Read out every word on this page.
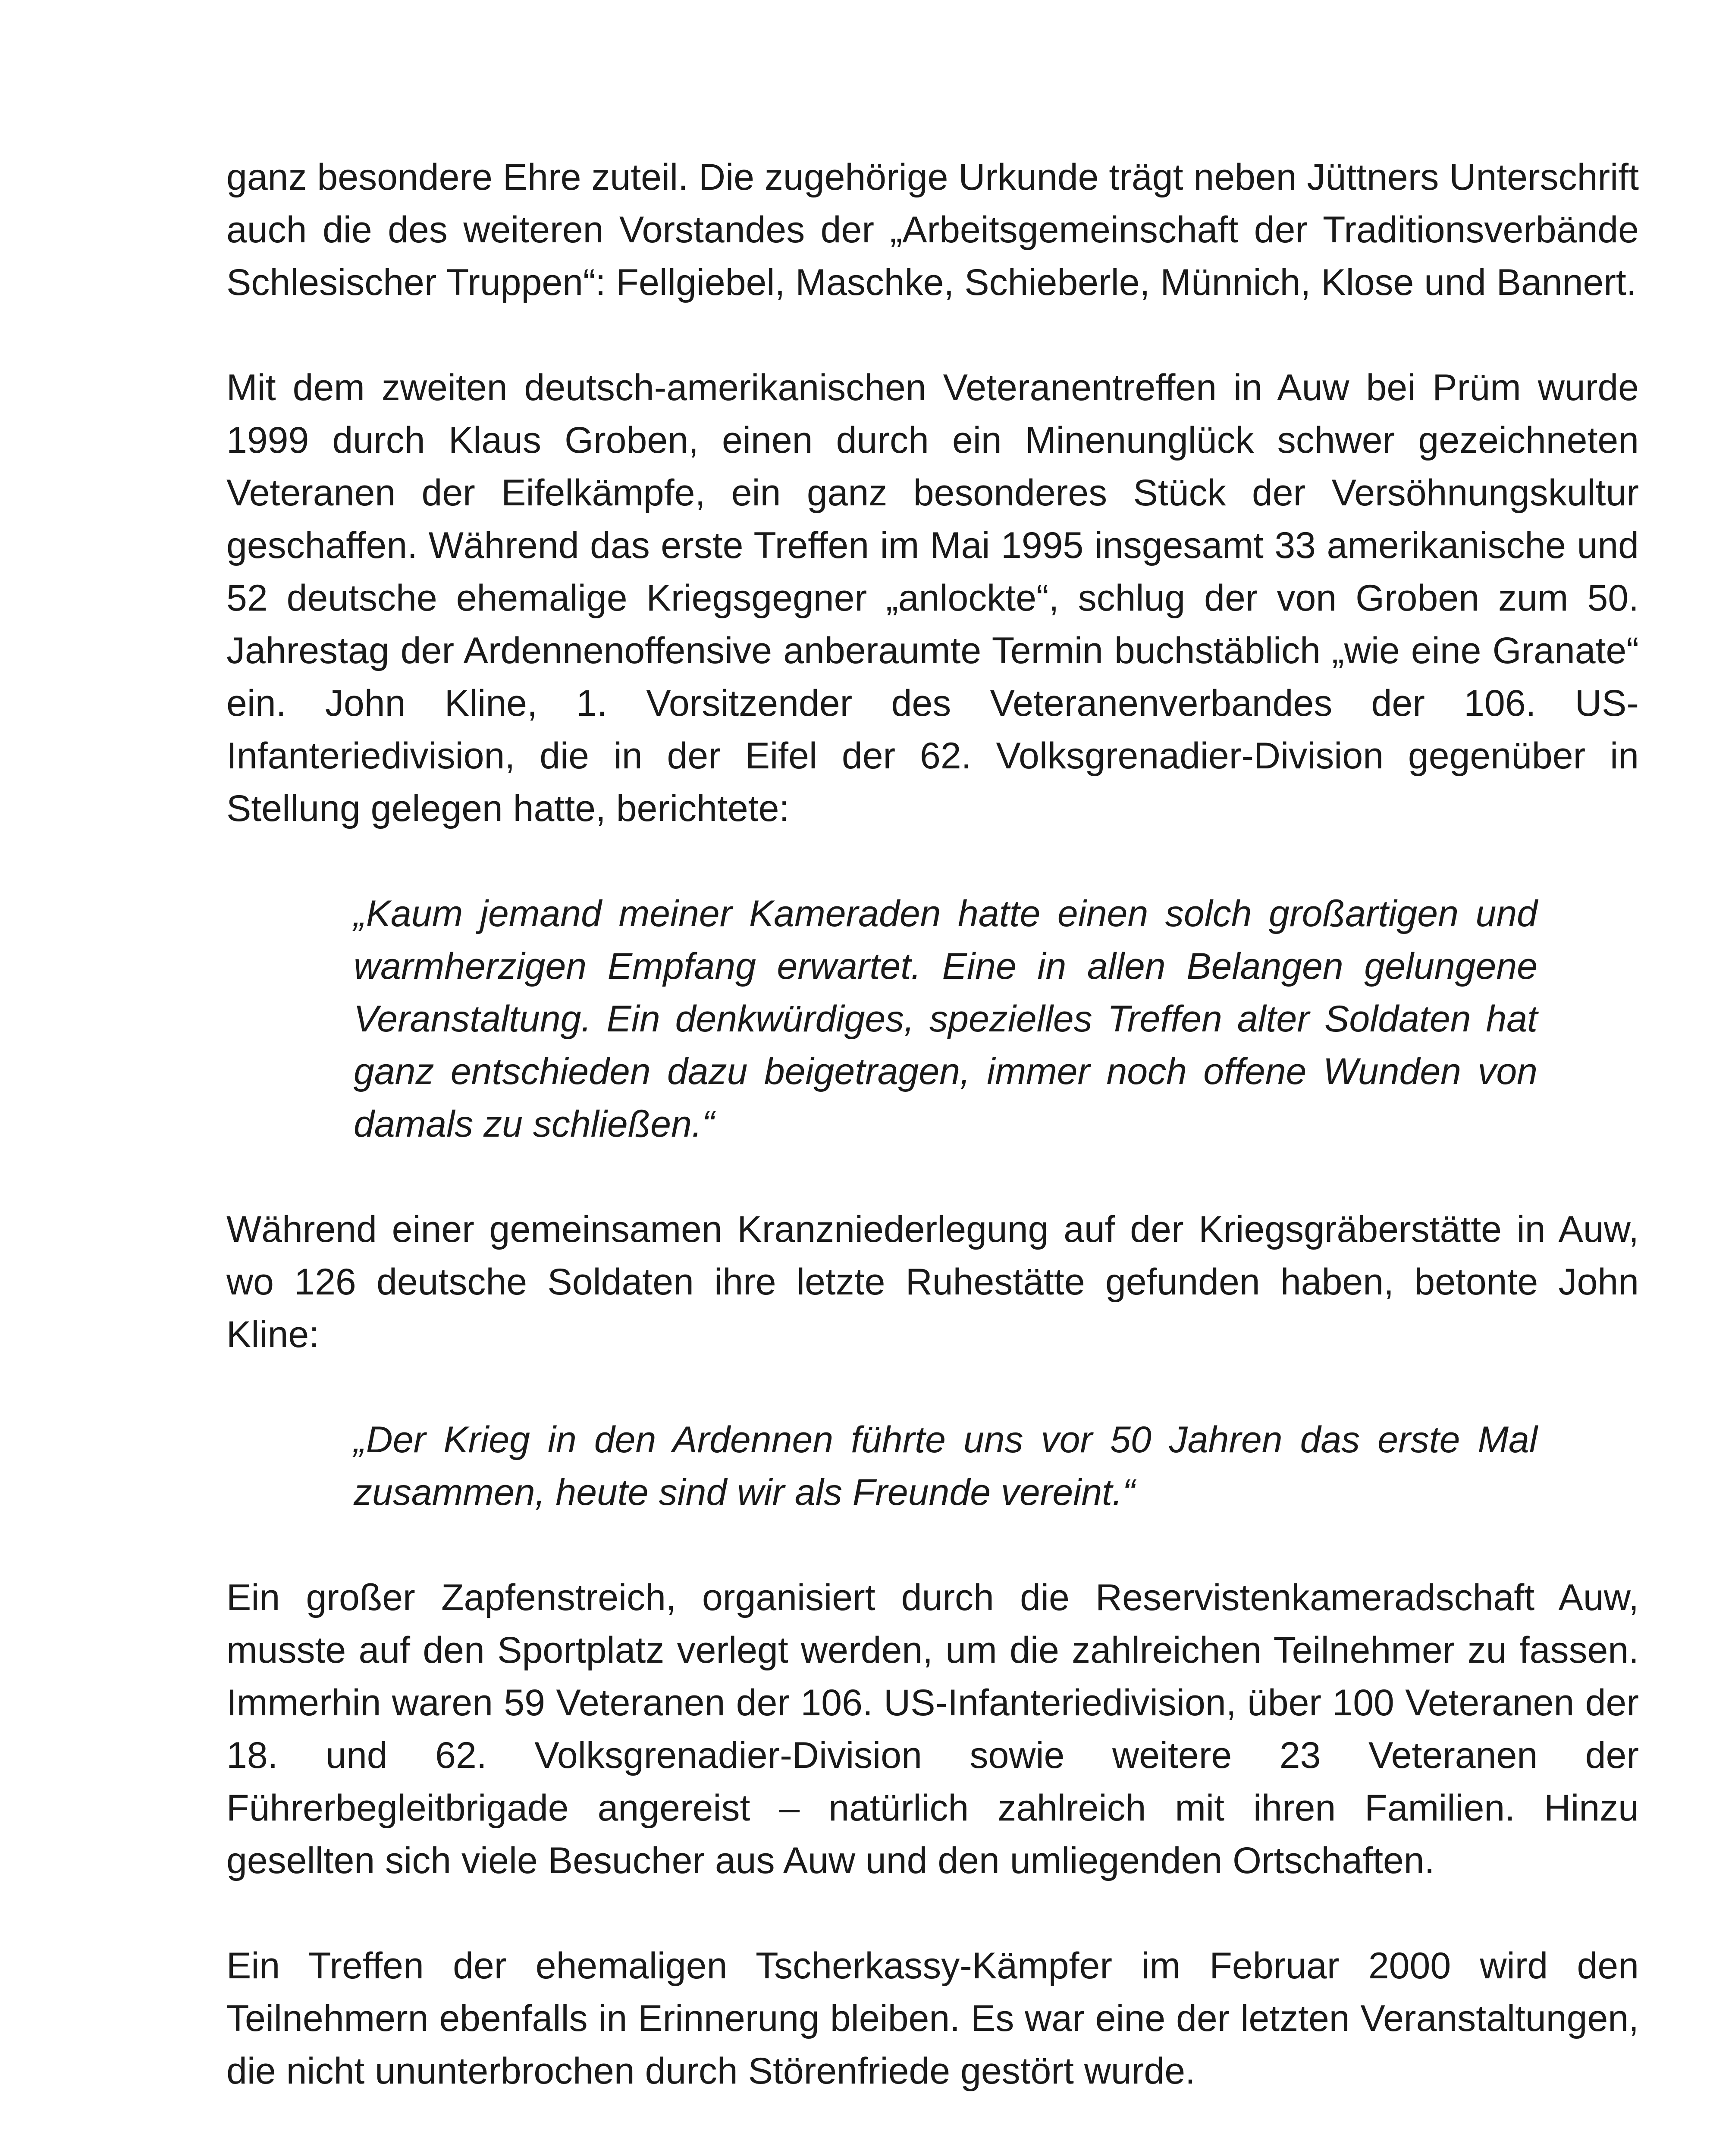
ganz besondere Ehre zuteil. Die zugehörige Urkunde trägt neben Jüttners Unterschrift auch die des weiteren Vorstandes der „Arbeitsgemeinschaft der Traditionsverbände Schlesischer Truppen“: Fellgiebel, Maschke, Schieberle, Münnich, Klose und Bannert.

Mit dem zweiten deutsch-amerikanischen Veteranentreffen in Auw bei Prüm wurde 1999 durch Klaus Groben, einen durch ein Minenunglück schwer gezeichneten Veteranen der Eifelkämpfe, ein ganz besonderes Stück der Versöhnungskultur geschaffen. Während das erste Treffen im Mai 1995 insgesamt 33 amerikanische und 52 deutsche ehemalige Kriegsgegner „anlockte“, schlug der von Groben zum 50. Jahrestag der Ardennenoffensive anberaumte Termin buchstäblich „wie eine Granate“ ein. John Kline, 1. Vorsitzender des Veteranenverbandes der 106. US-Infanteriedivision, die in der Eifel der 62. Volksgrenadier-Division gegenüber in Stellung gelegen hatte, berichtete:

„Kaum jemand meiner Kameraden hatte einen solch großartigen und warmherzigen Empfang erwartet. Eine in allen Belangen gelungene Veranstaltung. Ein denkwürdiges, spezielles Treffen alter Soldaten hat ganz entschieden dazu beigetragen, immer noch offene Wunden von damals zu schließen.“

Während einer gemeinsamen Kranzniederlegung auf der Kriegsgräberstätte in Auw, wo 126 deutsche Soldaten ihre letzte Ruhestätte gefunden haben, betonte John Kline:

„Der Krieg in den Ardennen führte uns vor 50 Jahren das erste Mal zusammen, heute sind wir als Freunde vereint.“

Ein großer Zapfenstreich, organisiert durch die Reservistenkameradschaft Auw, musste auf den Sportplatz verlegt werden, um die zahlreichen Teilnehmer zu fassen. Immerhin waren 59 Veteranen der 106. US-Infanteriedivision, über 100 Veteranen der 18. und 62. Volksgrenadier-Division sowie weitere 23 Veteranen der Führerbegleitbrigade angereist – natürlich zahlreich mit ihren Familien. Hinzu gesellten sich viele Besucher aus Auw und den umliegenden Ortschaften.

Ein Treffen der ehemaligen Tscherkassy-Kämpfer im Februar 2000 wird den Teilnehmern ebenfalls in Erinnerung bleiben. Es war eine der letzten Veranstaltungen, die nicht ununterbrochen durch Störenfriede gestört wurde.
